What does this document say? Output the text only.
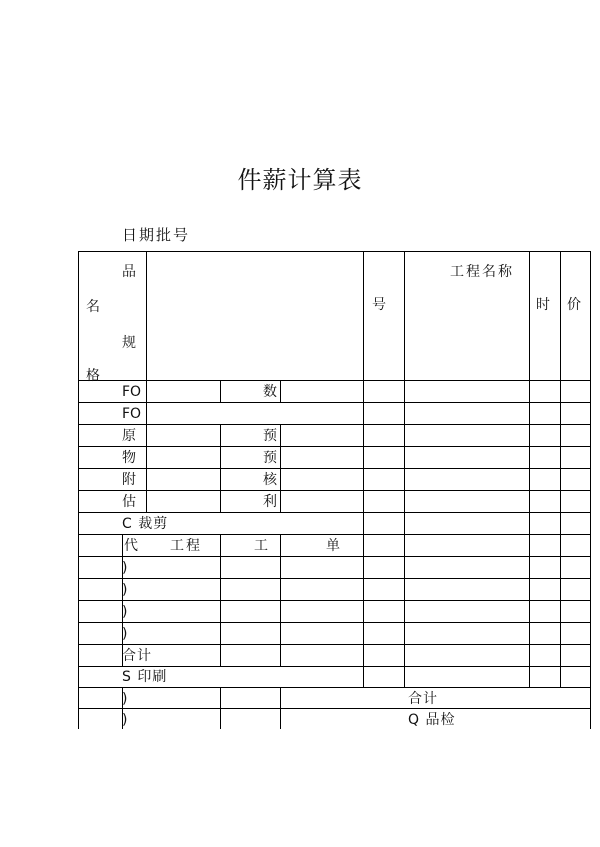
件薪计算表
日期批号
品
名
规
格
号
工程名称
时 价
FO
FO
原
物
附
估
数
预
预
核
利
C 裁剪
代 工程	工	单
)
)
)
)
合计
S 印刷
)
)
合计
Q 品检
